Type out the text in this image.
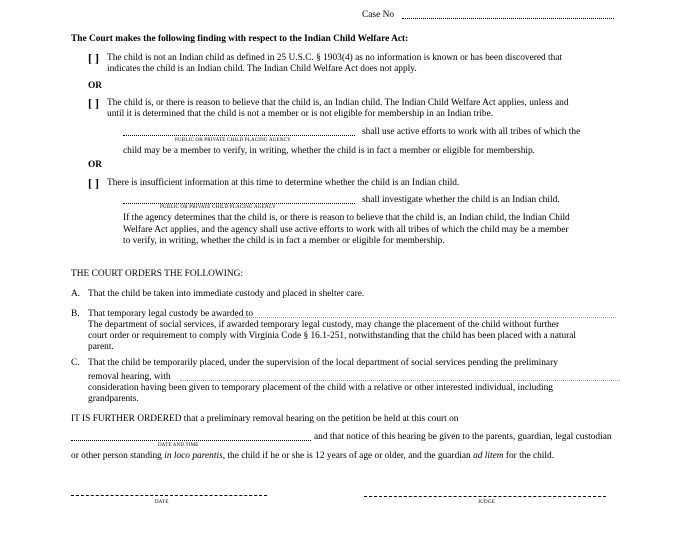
Case No
The Court makes the following finding with respect to the Indian Child Welfare Act:
[ ] The child is not an Indian child as defined in 25 U.S.C. § 1903(4) as no information is known or has been discovered that
indicates the child is an Indian child. The Indian Child Welfare Act does not apply.
OR
[ ] The child is, or there is reason to believe that the child is, an Indian child. The Indian Child Welfare Act applies, unless and
until it is determined that the child is not a member or is not eligible for membership in an Indian tribe.
shall use active efforts to work with all tribes of which the
PUBLIC OR PRIVATE CHILD PLACING AGENCY
child may be a member to verify, in writing, whether the child is in fact a member or eligible for membership.
OR
[ ] There is insufficient information at this time to determine whether the child is an Indian child.
shall investigate whether the child is an Indian child.
PUBLIC OR PRIVATE CHILD PLACING AGENCY
If the agency determines that the child is, or there is reason to believe that the child is, an Indian child, the Indian Child
Welfare Act applies, and the agency shall use active efforts to work with all tribes of which the child may be a member
to verify, in writing, whether the child is in fact a member or eligible for membership.
THE COURT ORDERS THE FOLLOWING:
A. That the child be taken into immediate custody and placed in shelter care.
B. That temporary legal custody be awarded to
The department of social services, if awarded temporary legal custody, may change the placement of the child without further
court order or requirement to comply with Virginia Code § 16.1-251, notwithstanding that the child has been placed with a natural
parent.
C. That the child be temporarily placed, under the supervision of the local department of social services pending the preliminary
removal hearing, with
consideration having been given to temporary placement of the child with a relative or other interested individual, including
grandparents.
IT IS FURTHER ORDERED that a preliminary removal hearing on the petition be held at this court on
and that notice of this hearing be given to the parents, guardian, legal custodian
DATE AND TIME
or other person standing in loco parentis, the child if he or she is 12 years of age or older, and the guardian ad litem for the child.
DATE	JUDGE
